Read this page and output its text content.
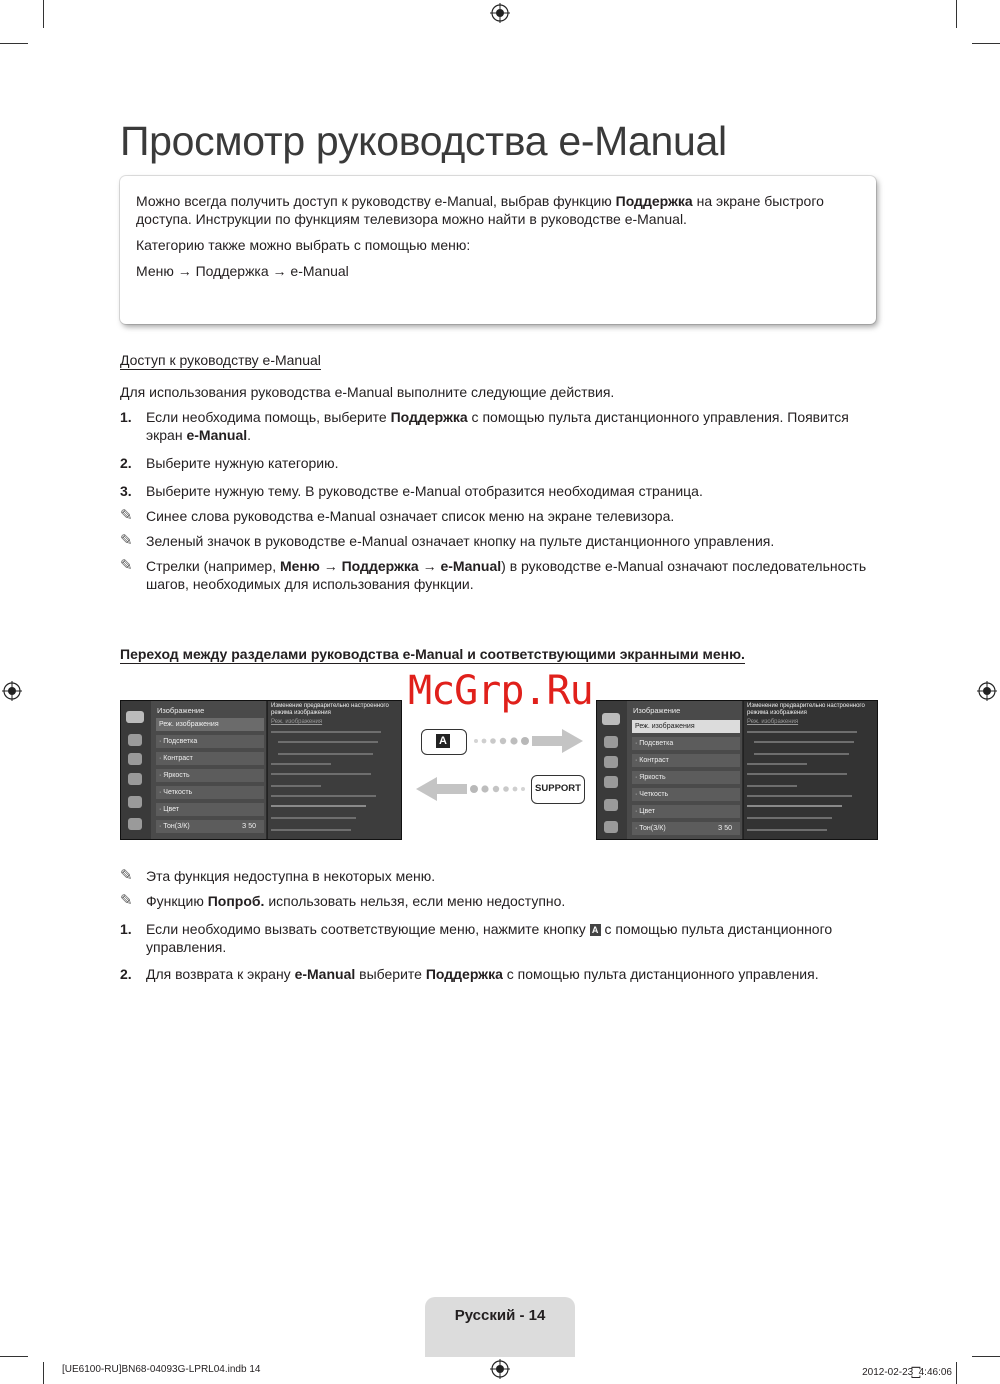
Просмотр руководства e-Manual

Можно всегда получить доступ к руководству e-Manual, выбрав функцию Поддержка на экране быстрого доступа. Инструкции по функциям телевизора можно найти в руководстве e-Manual.

Категорию также можно выбрать с помощью меню:

Меню → Поддержка → e-Manual

Доступ к руководству e-Manual
Для использования руководства e-Manual выполните следующие действия.
1. Если необходима помощь, выберите Поддержка с помощью пульта дистанционного управления. Появится экран e-Manual.
2. Выберите нужную категорию.
3. Выберите нужную тему. В руководстве e-Manual отобразится необходимая страница.
✎ Синее слова руководства e-Manual означает список меню на экране телевизора.
✎ Зеленый значок в руководстве e-Manual означает кнопку на пульте дистанционного управления.
✎ Стрелки (например, Меню → Поддержка → e-Manual) в руководстве e-Manual означают последовательность шагов, необходимых для использования функции.
Переход между разделами руководства e-Manual и соответствующими экранными меню.
McGrp.Ru
Изображение
Реж. изображения
· Подсветка
· Контраст
· Яркость
· Четкость
· Цвет
· Тон(З/К)	З 50
Изменение предварительно настроенного режима изображения
Реж. изображения
A
SUPPORT
Изображение
Реж. изображения
· Подсветка
· Контраст
· Яркость
· Четкость
· Цвет
· Тон(З/К)	З 50
Изменение предварительно настроенного режима изображения
Реж. изображения
✎ Эта функция недоступна в некоторых меню.
✎ Функцию Попроб. использовать нельзя, если меню недоступно.
1. Если необходимо вызвать соответствующие меню, нажмите кнопку A с помощью пульта дистанционного управления.
2. Для возврата к экрану e-Manual выберите Поддержка с помощью пульта дистанционного управления.
Русский - 14
[UE6100-RU]BN68-04093G-LPRL04.indb 14	2012-02-23 ꙱꙱ 4:46:06
